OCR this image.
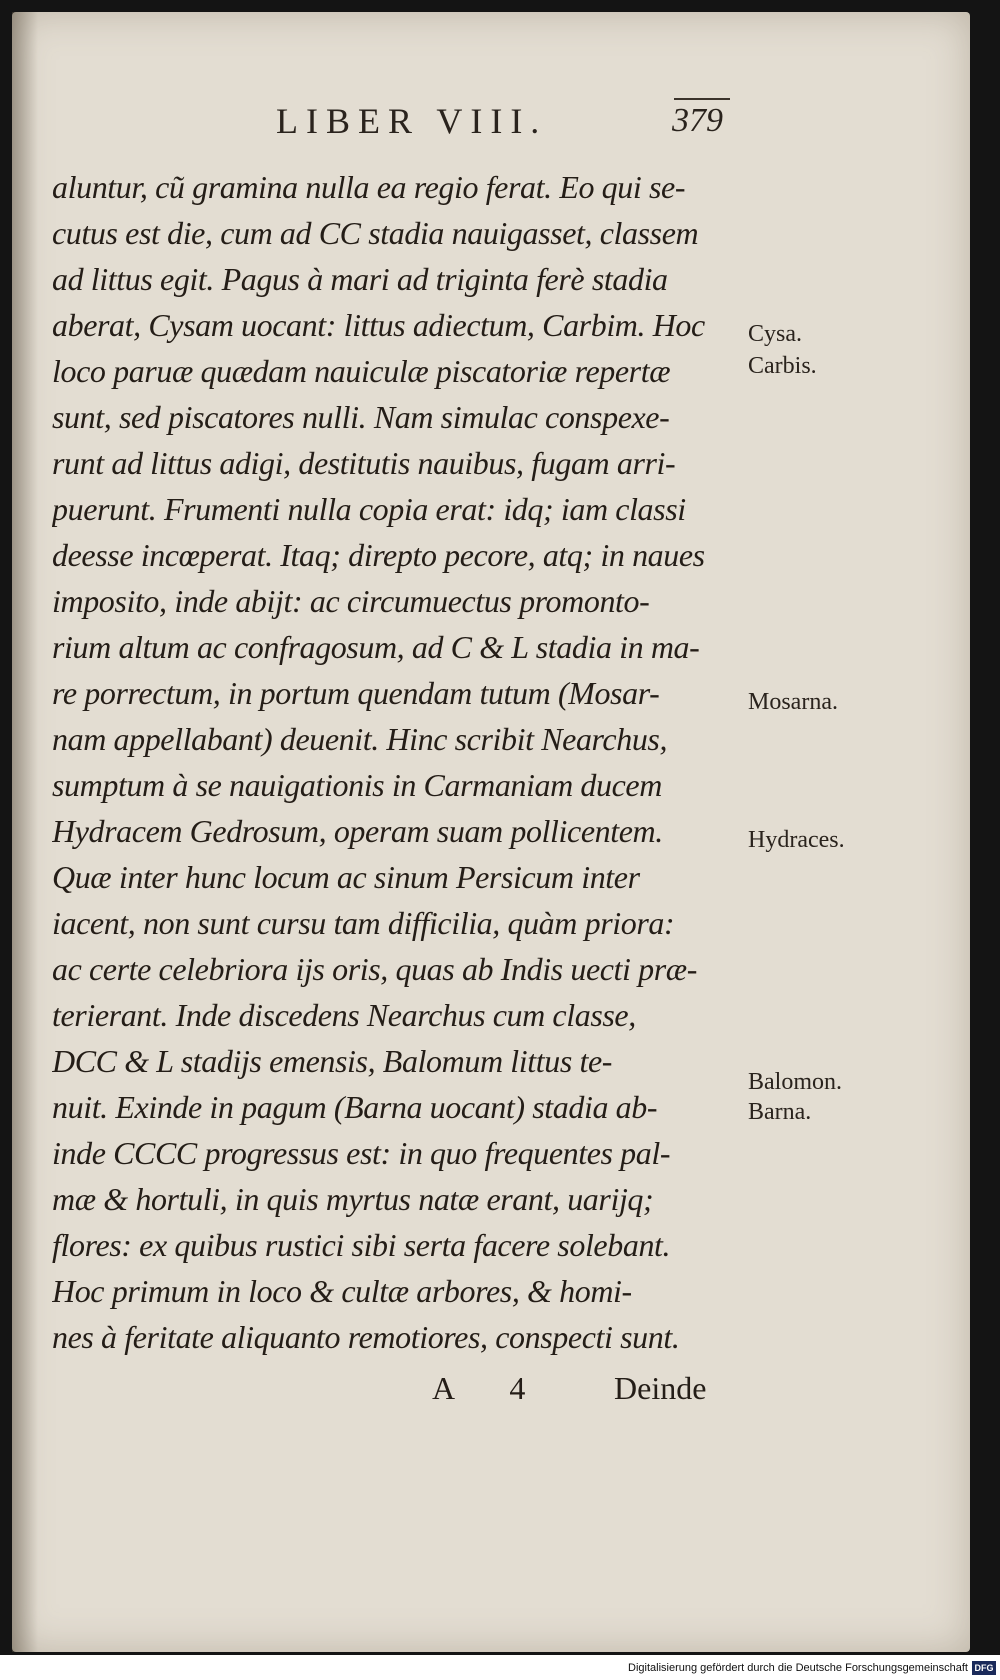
LIBER VIII.	379
aluntur, cũ gramina nulla ea regio ferat. Eo qui se-
cutus est die, cum ad CC stadia nauigasset, classem
ad littus egit. Pagus à mari ad triginta ferè stadia
aberat, Cysam uocant: littus adiectum, Carbim. Hoc
loco paruæ quædam nauiculæ piscatoriæ repertæ
sunt, sed piscatores nulli. Nam simulac conspexe-
runt ad littus adigi, destitutis nauibus, fugam arri-
puerunt. Frumenti nulla copia erat: idq; iam classi
deesse incœperat. Itaq; direpto pecore, atq; in naues
imposito, inde abijt: ac circumuectus promonto-
rium altum ac confragosum, ad C & L stadia in ma-
re porrectum, in portum quendam tutum (Mosar-
nam appellabant) deuenit. Hinc scribit Nearchus,
sumptum à se nauigationis in Carmaniam ducem
Hydracem Gedrosum, operam suam pollicentem.
Quæ inter hunc locum ac sinum Persicum inter
iacent, non sunt cursu tam difficilia, quàm priora:
ac certe celebriora ijs oris, quas ab Indis uecti præ-
terierant. Inde discedens Nearchus cum classe,
DCC & L stadijs emensis, Balomum littus te-
nuit. Exinde in pagum (Barna uocant) stadia ab-
inde CCCC progressus est: in quo frequentes pal-
mæ & hortuli, in quis myrtus natæ erant, uarijq;
flores: ex quibus rustici sibi serta facere solebant.
Hoc primum in loco & cultæ arbores, & homi-
nes à feritate aliquanto remotiores, conspecti sunt.
Cysa.
Carbis.
Mosarna.
Hydraces.
Balomon.
Barna.
A 4 Deinde
Digitalisierung gefördert durch die Deutsche Forschungsgemeinschaft DFG
